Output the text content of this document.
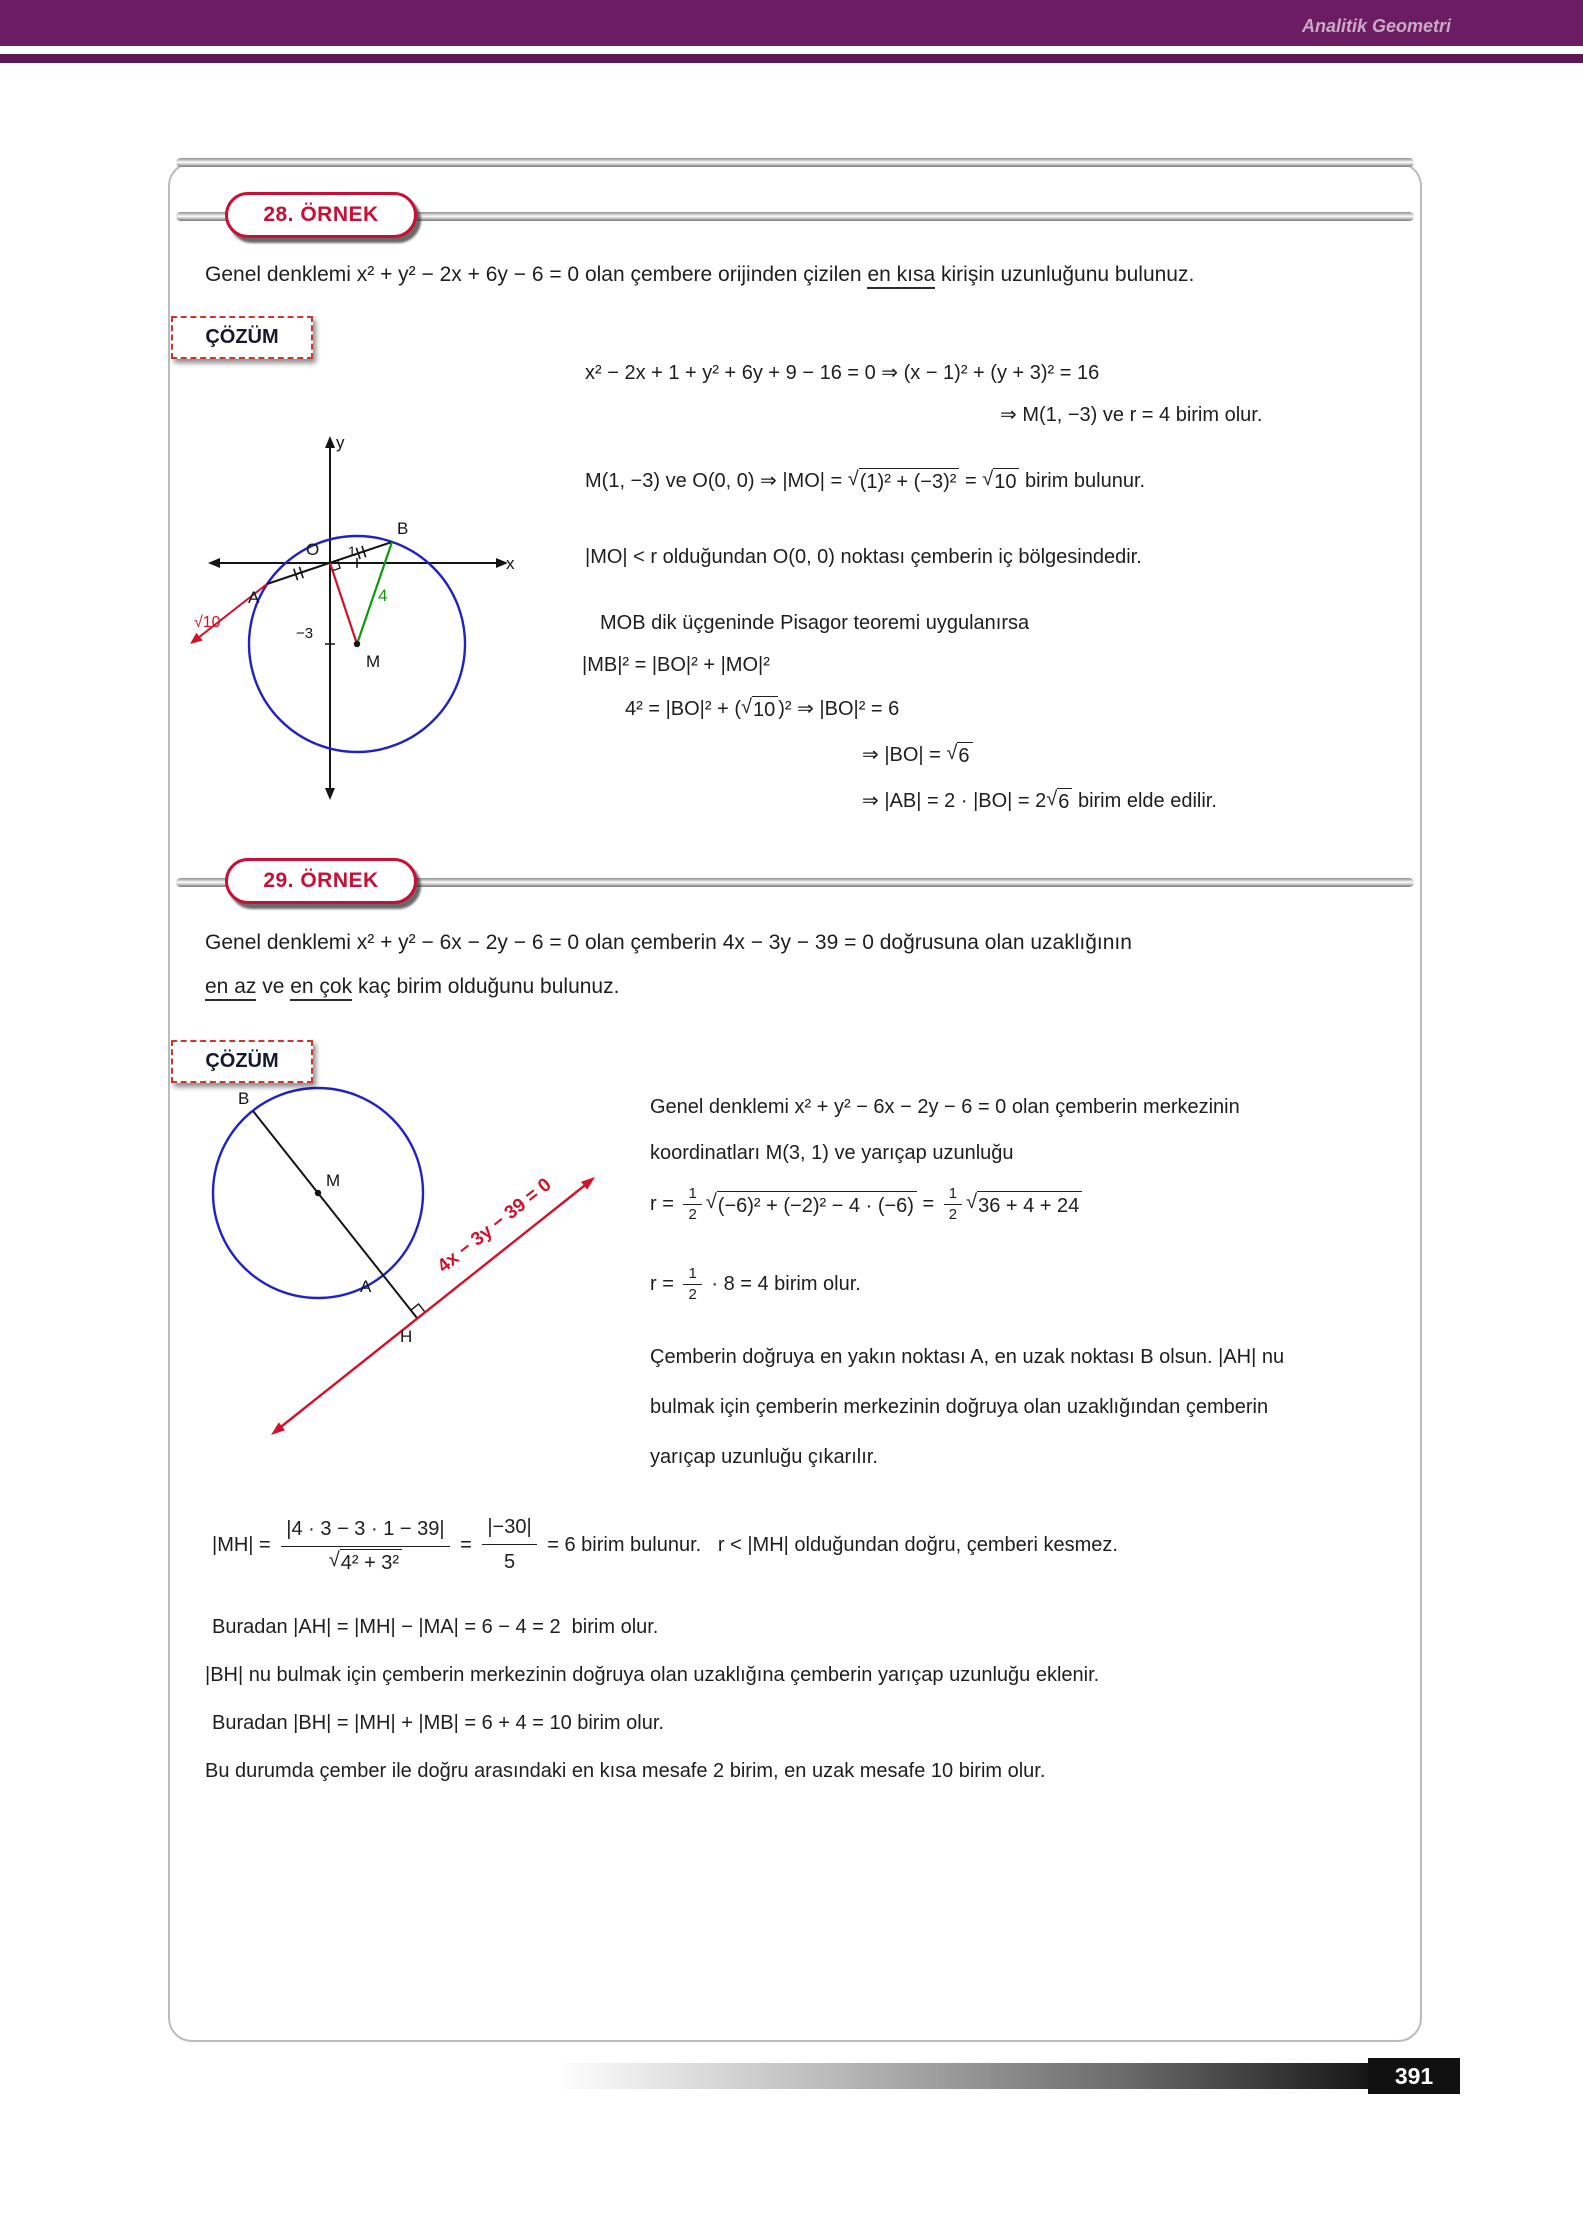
Analitik Geometri
28. ÖRNEK
Genel denklemi x² + y² − 2x + 6y − 6 = 0 olan çembere orijinden çizilen en kısa kirişin uzunluğunu bulunuz.
ÇÖZÜM
y
x
O
B
A
M
−3
1
4
√10
x² − 2x + 1 + y² + 6y + 9 − 16 = 0 ⇒ (x − 1)² + (y + 3)² = 16
⇒ M(1, −3) ve r = 4 birim olur.
M(1, −3) ve O(0, 0) ⇒ |MO| = √ (1)² + (−3)² = √ 10 birim bulunur.
|MO| < r olduğundan O(0, 0) noktası çemberin iç bölgesindedir.
MOB dik üçgeninde Pisagor teoremi uygulanırsa
|MB|² = |BO|² + |MO|²
4² = |BO|² + ( √ 10 )² ⇒ |BO|² = 6
⇒ |BO| = √ 6
⇒ |AB| = 2 · |BO| = 2 √ 6 birim elde edilir.
29. ÖRNEK
Genel denklemi x² + y² − 6x − 2y − 6 = 0 olan çemberin 4x − 3y − 39 = 0 doğrusuna olan uzaklığının
en az ve en çok kaç birim olduğunu bulunuz.
ÇÖZÜM
B
M
A
H
4x − 3y − 39 = 0
Genel denklemi x² + y² − 6x − 2y − 6 = 0 olan çemberin merkezinin
koordinatları M(3, 1) ve yarıçap uzunluğu
$r = \frac{1}{2}$ √ $(-6)^2 + (-2)^2 - 4 \cdot (-6) = \frac{1}{2}$ √ 36 + 4 + 24
$r = \frac{1}{2} \cdot 8 = 4$ birim olur.
Çemberin doğruya en yakın noktası A, en uzak noktası B olsun. |AH| nu
bulmak için çemberin merkezinin doğruya olan uzaklığından çemberin
yarıçap uzunluğu çıkarılır.
$|MH| = \frac{|4 \cdot 3 - 3 \cdot 1 - 39|}{\text{√ 4² + 3²}} = \frac{|-30|}{5} = 6$ birim bulunur.   r < |MH| olduğundan doğru, çemberi kesmez.
Buradan |AH| = |MH| − |MA| = 6 − 4 = 2  birim olur.
|BH| nu bulmak için çemberin merkezinin doğruya olan uzaklığına çemberin yarıçap uzunluğu eklenir.
Buradan |BH| = |MH| + |MB| = 6 + 4 = 10 birim olur.
Bu durumda çember ile doğru arasındaki en kısa mesafe 2 birim, en uzak mesafe 10 birim olur.
391
